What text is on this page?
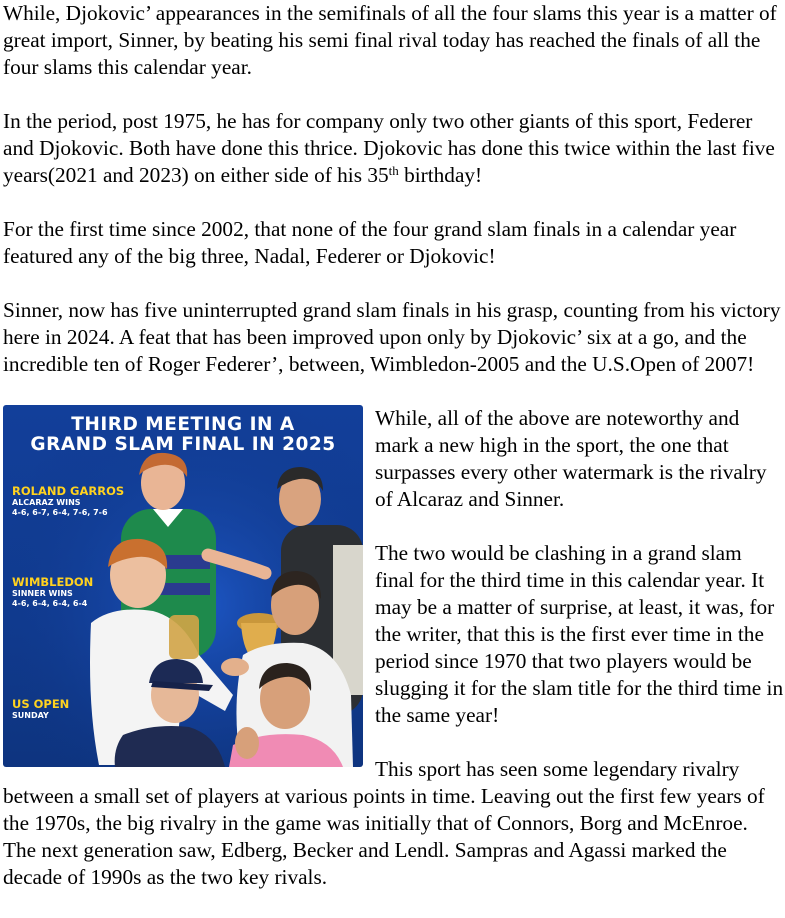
While, Djokovic’ appearances in the semifinals of all the four slams this year is a matter of great import, Sinner, by beating his semi final rival today has reached the finals of all the four slams this calendar year.

In the period, post 1975, he has for company only two other giants of this sport, Federer and Djokovic. Both have done this thrice. Djokovic has done this twice within the last five years(2021 and 2023) on either side of his 35th birthday!

For the first time since 2002, that none of the four grand slam finals in a calendar year featured any of the big three, Nadal, Federer or Djokovic!

Sinner, now has five uninterrupted grand slam finals in his grasp, counting from his victory here in 2024. A feat that has been improved upon only by Djokovic’ six at a go, and the incredible ten of Roger Federer’, between, Wimbledon-2005 and the U.S.Open of 2007!

THIRD MEETING IN A
GRAND SLAM FINAL IN 2025
ROLAND GARROS
ALCARAZ WINS
4-6, 6-7, 6-4, 7-6, 7-6
WIMBLEDON
SINNER WINS
4-6, 6-4, 6-4, 6-4
US OPEN
SUNDAY

While, all of the above are noteworthy and mark a new high in the sport, the one that surpasses every other watermark is the rivalry of Alcaraz and Sinner.

The two would be clashing in a grand slam final for the third time in this calendar year. It may be a matter of surprise, at least, it was, for the writer, that this is the first ever time in the period since 1970 that two players would be slugging it for the slam title for the third time in the same year!

This sport has seen some legendary rivalry between a small set of players at various points in time. Leaving out the first few years of the 1970s, the big rivalry in the game was initially that of Connors, Borg and McEnroe. The next generation saw, Edberg, Becker and Lendl. Sampras and Agassi marked the decade of 1990s as the two key rivals.
